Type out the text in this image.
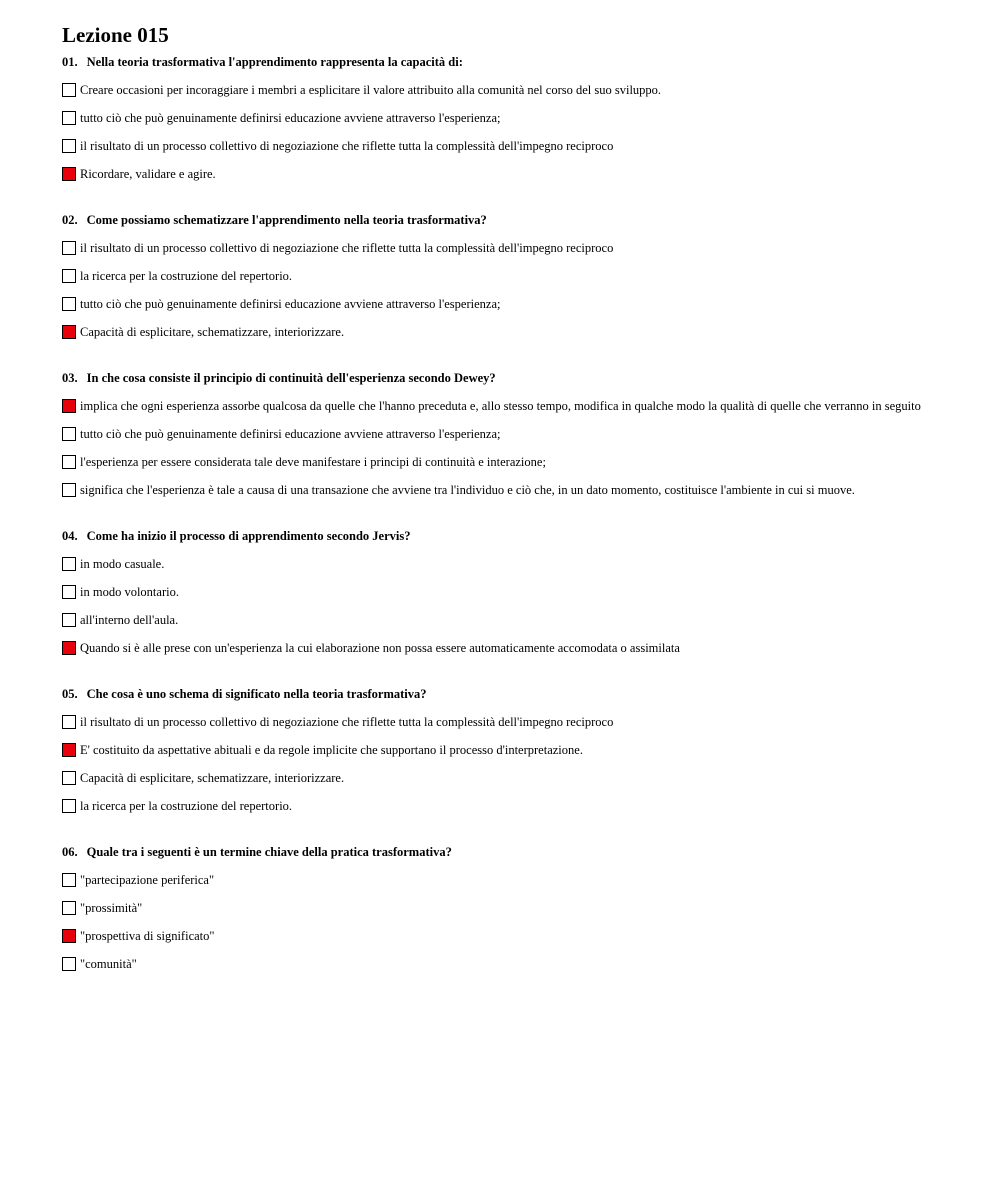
Lezione 015
01. Nella teoria trasformativa l'apprendimento rappresenta la capacità di:
Creare occasioni per incoraggiare i membri a esplicitare il valore attribuito alla comunità nel corso del suo sviluppo.
tutto ciò che può genuinamente definirsi educazione avviene attraverso l'esperienza;
il risultato di un processo collettivo di negoziazione che riflette tutta la complessità dell'impegno reciproco
Ricordare, validare e agire.
02. Come possiamo schematizzare l'apprendimento nella teoria trasformativa?
il risultato di un processo collettivo di negoziazione che riflette tutta la complessità dell'impegno reciproco
la ricerca per la costruzione del repertorio.
tutto ciò che può genuinamente definirsi educazione avviene attraverso l'esperienza;
Capacità di esplicitare, schematizzare, interiorizzare.
03. In che cosa consiste il principio di continuità dell'esperienza secondo Dewey?
implica che ogni esperienza assorbe qualcosa da quelle che l'hanno preceduta e, allo stesso tempo, modifica in qualche modo la qualità di quelle che verranno in seguito
tutto ciò che può genuinamente definirsi educazione avviene attraverso l'esperienza;
l'esperienza per essere considerata tale deve manifestare i principi di continuità e interazione;
significa che l'esperienza è tale a causa di una transazione che avviene tra l'individuo e ciò che, in un dato momento, costituisce l'ambiente in cui si muove.
04. Come ha inizio il processo di apprendimento secondo Jervis?
in modo casuale.
in modo volontario.
all'interno dell'aula.
Quando si è alle prese con un'esperienza la cui elaborazione non possa essere automaticamente accomodata o assimilata
05. Che cosa è uno schema di significato nella teoria trasformativa?
il risultato di un processo collettivo di negoziazione che riflette tutta la complessità dell'impegno reciproco
E' costituito da aspettative abituali e da regole implicite che supportano il processo d'interpretazione.
Capacità di esplicitare, schematizzare, interiorizzare.
la ricerca per la costruzione del repertorio.
06. Quale tra i seguenti è un termine chiave della pratica trasformativa?
"partecipazione periferica"
"prossimità"
"prospettiva di significato"
"comunità"
